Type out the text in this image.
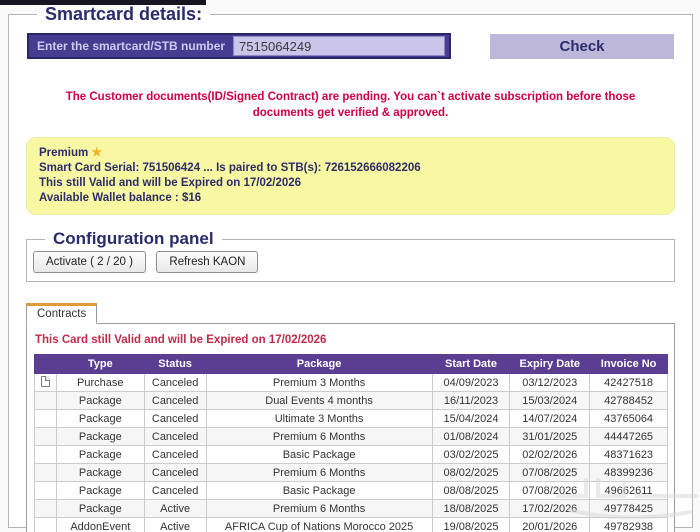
Smartcard details:
Enter the smartcard/STB number
7515064249	Check
The Customer documents(ID/Signed Contract) are pending. You can`t activate subscription before those documents get verified & approved.
Premium ★
Smart Card Serial: 751506424 ... Is paired to STB(s): 726152666082206
This still Valid and will be Expired on 17/02/2026
Available Wallet balance : $16
Configuration panel
Activate ( 2 / 20 )	Refresh KAON
Contracts
This Card still Valid and will be Expired on 17/02/2026
	Type	Status	Package	Start Date	Expiry Date	Invoice No
	Purchase	Canceled	Premium 3 Months	04/09/2023	03/12/2023	42427518
	Package	Canceled	Dual Events 4 months	16/11/2023	15/03/2024	42788452
	Package	Canceled	Ultimate 3 Months	15/04/2024	14/07/2024	43765064
	Package	Canceled	Premium 6 Months	01/08/2024	31/01/2025	44447265
	Package	Canceled	Basic Package	03/02/2025	02/02/2026	48371623
	Package	Canceled	Premium 6 Months	08/02/2025	07/08/2025	48399236
	Package	Canceled	Basic Package	08/08/2025	07/08/2026	49662611
	Package	Active	Premium 6 Months	18/08/2025	17/02/2026	49778425
	AddonEvent	Active	AFRICA Cup of Nations Morocco 2025	19/08/2025	20/01/2026	49782938
